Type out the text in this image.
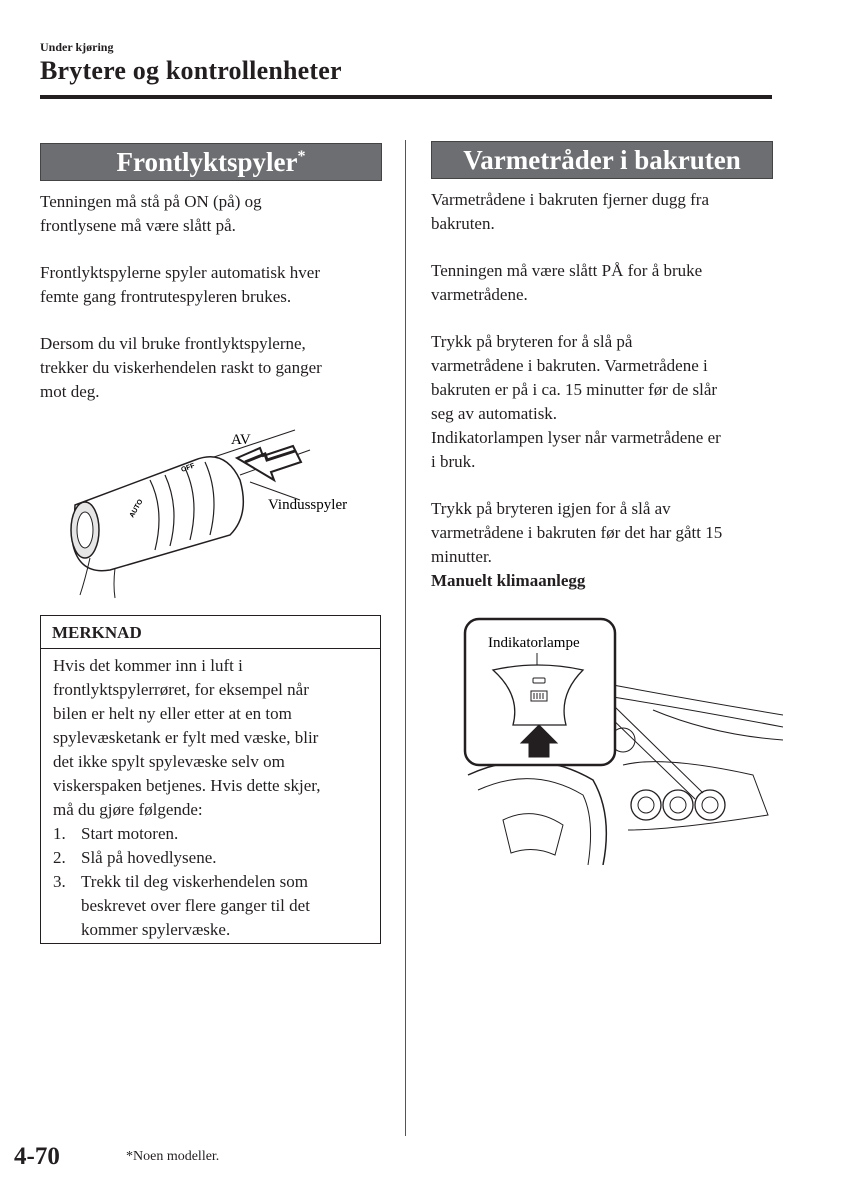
Under kjøring
Brytere og kontrollenheter
Frontlyktspyler*
Tenningen må stå på ON (på) og
frontlysene må være slått på.
Frontlyktspylerne spyler automatisk hver
femte gang frontrutespyleren brukes.
Dersom du vil bruke frontlyktspylerne,
trekker du viskerhendelen raskt to ganger
mot deg.
OFF
AUTO
AV
Vindusspyler
MERKNAD
Hvis det kommer inn i luft i
frontlyktspylerrøret, for eksempel når
bilen er helt ny eller etter at en tom
spylevæsketank er fylt med væske, blir
det ikke spylt spylevæske selv om
viskerspaken betjenes. Hvis dette skjer,
må du gjøre følgende:
1. Start motoren.
2. Slå på hovedlysene.
3. Trekk til deg viskerhendelen som
beskrevet over flere ganger til det
kommer spylervæske.
Varmetråder i bakruten
Varmetrådene i bakruten fjerner dugg fra
bakruten.
Tenningen må være slått PÅ for å bruke
varmetrådene.
Trykk på bryteren for å slå på
varmetrådene i bakruten. Varmetrådene i
bakruten er på i ca. 15 minutter før de slår
seg av automatisk.
Indikatorlampen lyser når varmetrådene er
i bruk.
Trykk på bryteren igjen for å slå av
varmetrådene i bakruten før det har gått 15
minutter.
Manuelt klimaanlegg
Indikatorlampe
4-70	*Noen modeller.
